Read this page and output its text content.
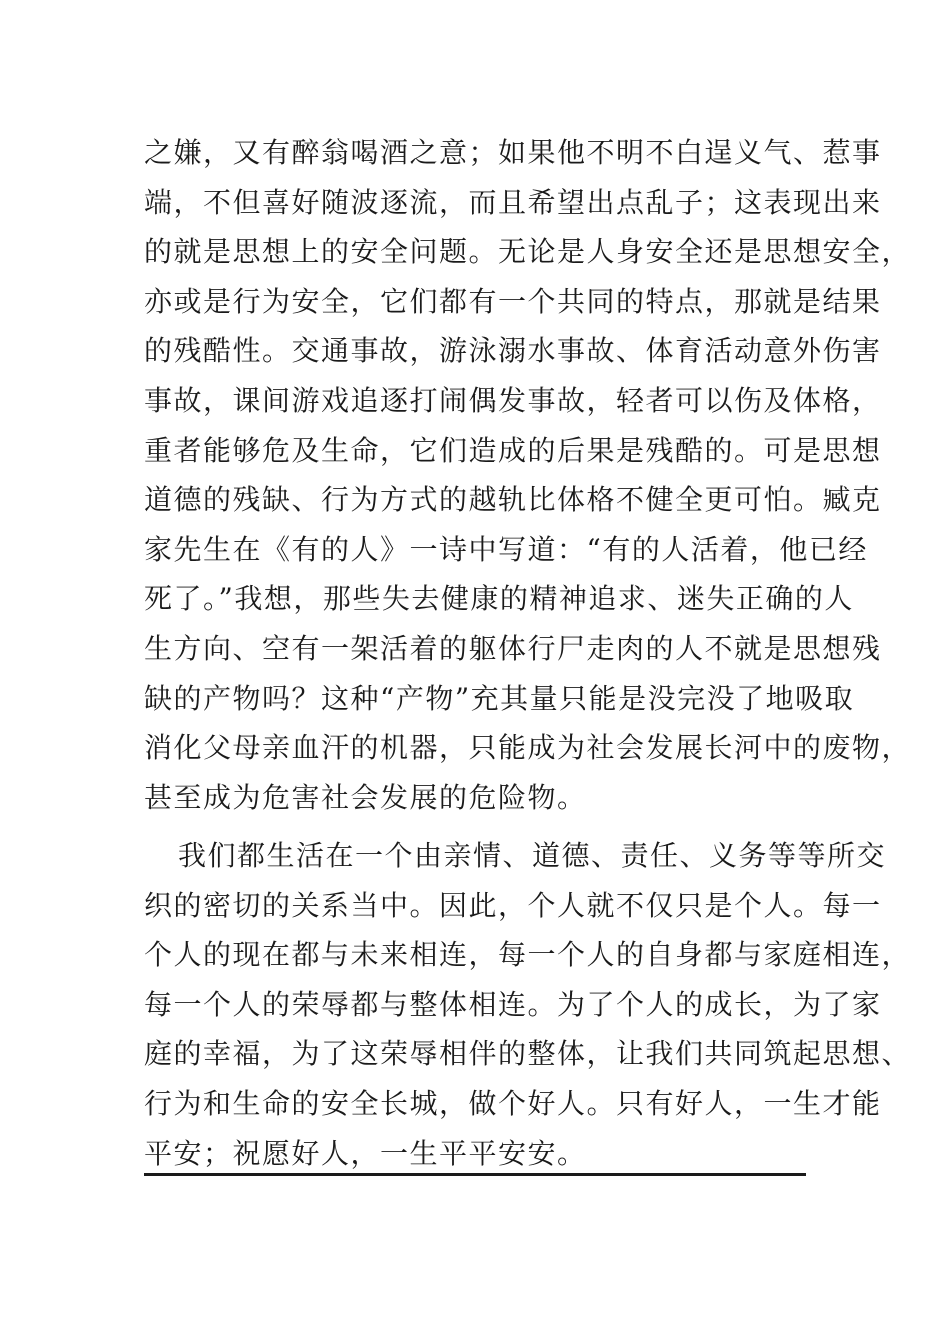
之嫌，又有醉翁喝酒之意；如果他不明不白逞义气、惹事
端，不但喜好随波逐流，而且希望出点乱子；这表现出来
的就是思想上的安全问题。无论是人身安全还是思想安全，
亦或是行为安全，它们都有一个共同的特点，那就是结果
的残酷性。交通事故，游泳溺水事故、体育活动意外伤害
事故，课间游戏追逐打闹偶发事故，轻者可以伤及体格，
重者能够危及生命，它们造成的后果是残酷的。可是思想
道德的残缺、行为方式的越轨比体格不健全更可怕。臧克
家先生在《有的人》一诗中写道：“有的人活着，他已经
死了。”我想，那些失去健康的精神追求、迷失正确的人
生方向、空有一架活着的躯体行尸走肉的人不就是思想残
缺的产物吗？这种“产物”充其量只能是没完没了地吸取
消化父母亲血汗的机器，只能成为社会发展长河中的废物，
甚至成为危害社会发展的危险物。
我们都生活在一个由亲情、道德、责任、义务等等所交
织的密切的关系当中。因此，个人就不仅只是个人。每一
个人的现在都与未来相连，每一个人的自身都与家庭相连，
每一个人的荣辱都与整体相连。为了个人的成长，为了家
庭的幸福，为了这荣辱相伴的整体，让我们共同筑起思想、
行为和生命的安全长城，做个好人。只有好人，一生才能
平安；祝愿好人，一生平平安安。
